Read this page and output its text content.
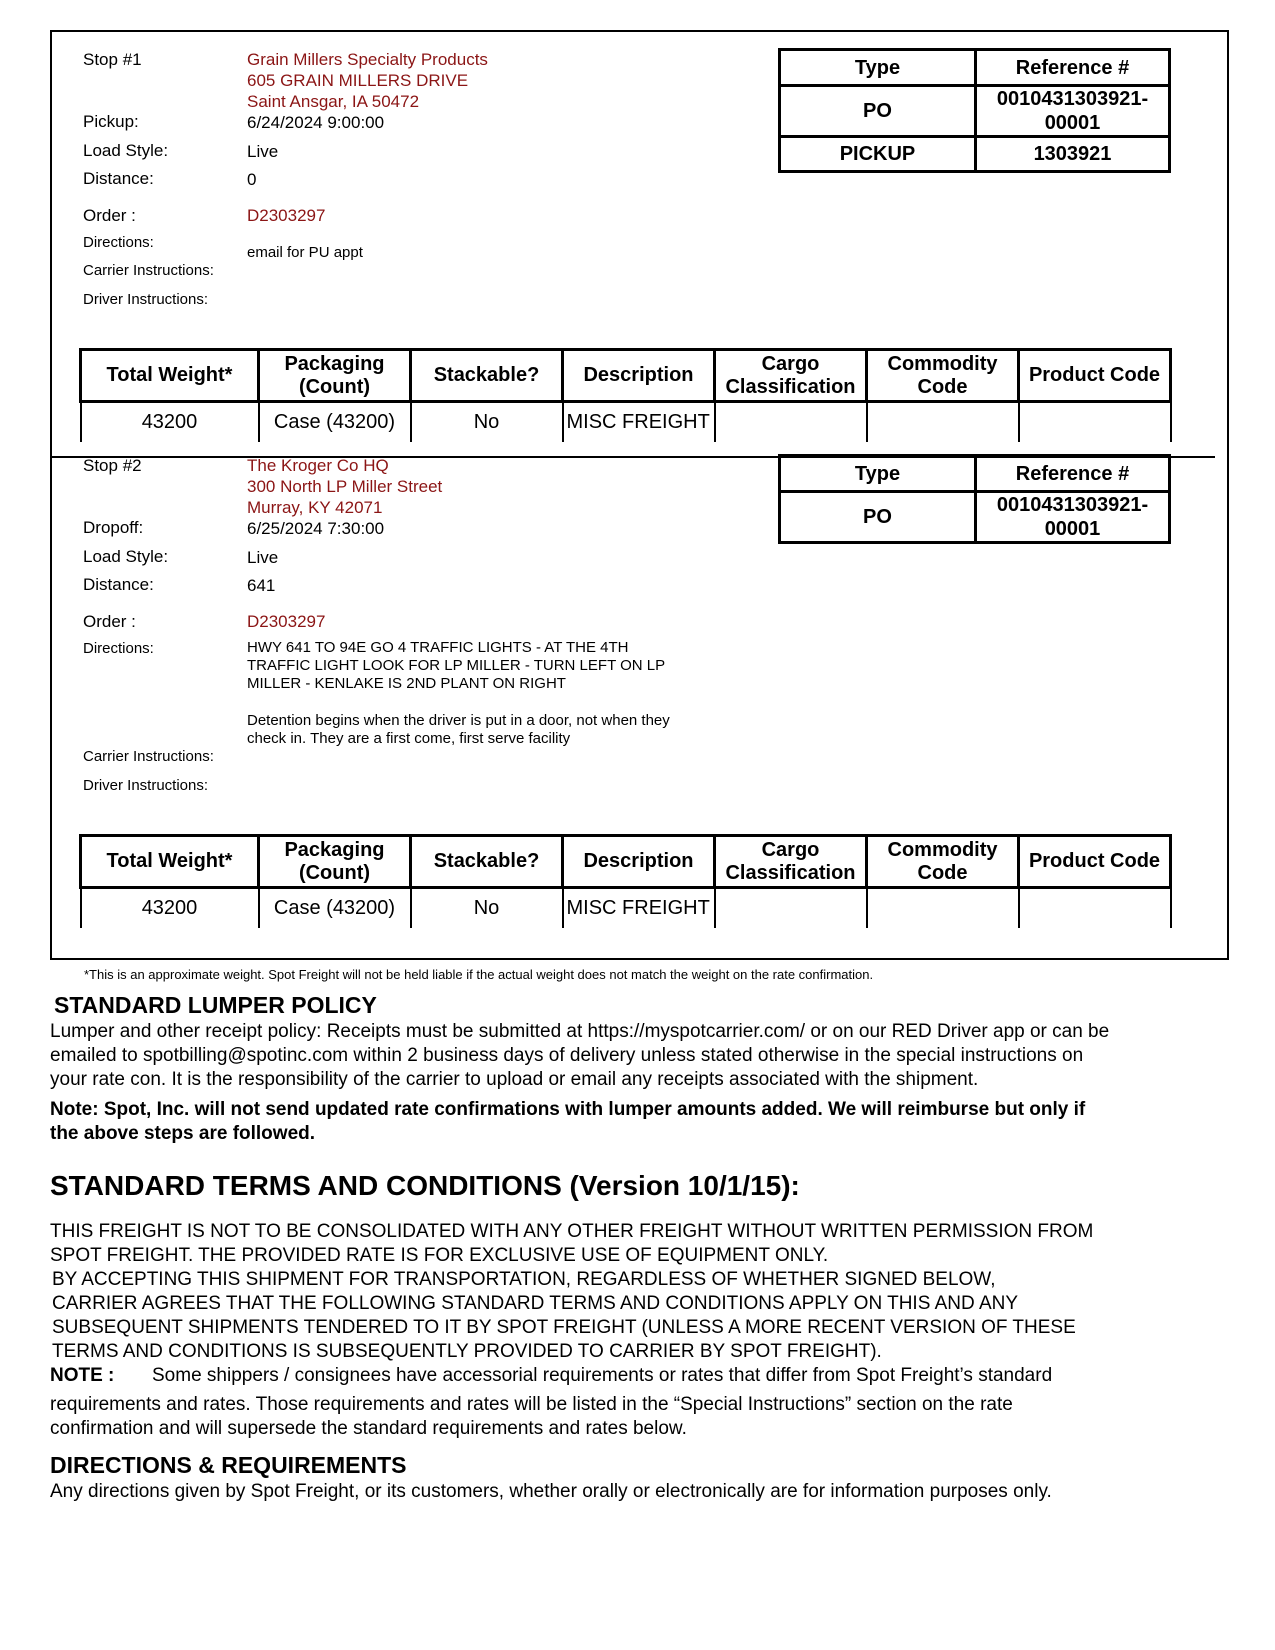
Stop #1	Grain Millers Specialty Products
605 GRAIN MILLERS DRIVE
Saint Ansgar, IA 50472
Pickup:	6/24/2024 9:00:00
Load Style:	Live
Distance:	0
Order :	D2303297
Directions:
email for PU appt
Carrier Instructions:
Driver Instructions:
Type	Reference #
PO	0010431303921-
00001

PICKUP	1303921
Total Weight*	Packaging (Count)	Stackable?	Description	Cargo Classification	Commodity Code	Product Code
43200	Case (43200)	No	MISC FREIGHT			
Stop #2	The Kroger Co HQ
300 North LP Miller Street
Murray, KY 42071
Dropoff:	6/25/2024 7:30:00
Load Style:	Live
Distance:	641
Order :	D2303297
Directions:	HWY 641 TO 94E GO 4 TRAFFIC LIGHTS - AT THE 4TH
TRAFFIC LIGHT LOOK FOR LP MILLER - TURN LEFT ON LP
MILLER - KENLAKE IS 2ND PLANT ON RIGHT
Detention begins when the driver is put in a door, not when they
check in. They are a first come, first serve facility
Carrier Instructions:
Driver Instructions:
Type	Reference #
PO	0010431303921-
00001
Total Weight*	Packaging (Count)	Stackable?	Description	Cargo Classification	Commodity Code	Product Code
43200	Case (43200)	No	MISC FREIGHT			
*This is an approximate weight. Spot Freight will not be held liable if the actual weight does not match the weight on the rate confirmation.
STANDARD LUMPER POLICY
Lumper and other receipt policy: Receipts must be submitted at https://myspotcarrier.com/ or on our RED Driver app or can be
emailed to spotbilling@spotinc.com within 2 business days of delivery unless stated otherwise in the special instructions on
your rate con. It is the responsibility of the carrier to upload or email any receipts associated with the shipment.
Note: Spot, Inc. will not send updated rate confirmations with lumper amounts added. We will reimburse but only if
the above steps are followed.
STANDARD TERMS AND CONDITIONS (Version 10/1/15):
THIS FREIGHT IS NOT TO BE CONSOLIDATED WITH ANY OTHER FREIGHT WITHOUT WRITTEN PERMISSION FROM
SPOT FREIGHT. THE PROVIDED RATE IS FOR EXCLUSIVE USE OF EQUIPMENT ONLY.
BY ACCEPTING THIS SHIPMENT FOR TRANSPORTATION, REGARDLESS OF WHETHER SIGNED BELOW,
CARRIER AGREES THAT THE FOLLOWING STANDARD TERMS AND CONDITIONS APPLY ON THIS AND ANY
SUBSEQUENT SHIPMENTS TENDERED TO IT BY SPOT FREIGHT (UNLESS A MORE RECENT VERSION OF THESE
TERMS AND CONDITIONS IS SUBSEQUENTLY PROVIDED TO CARRIER BY SPOT FREIGHT).
NOTE : Some shippers / consignees have accessorial requirements or rates that differ from Spot Freight’s standard
requirements and rates. Those requirements and rates will be listed in the “Special Instructions” section on the rate
confirmation and will supersede the standard requirements and rates below.
DIRECTIONS & REQUIREMENTS
Any directions given by Spot Freight, or its customers, whether orally or electronically are for information purposes only.
